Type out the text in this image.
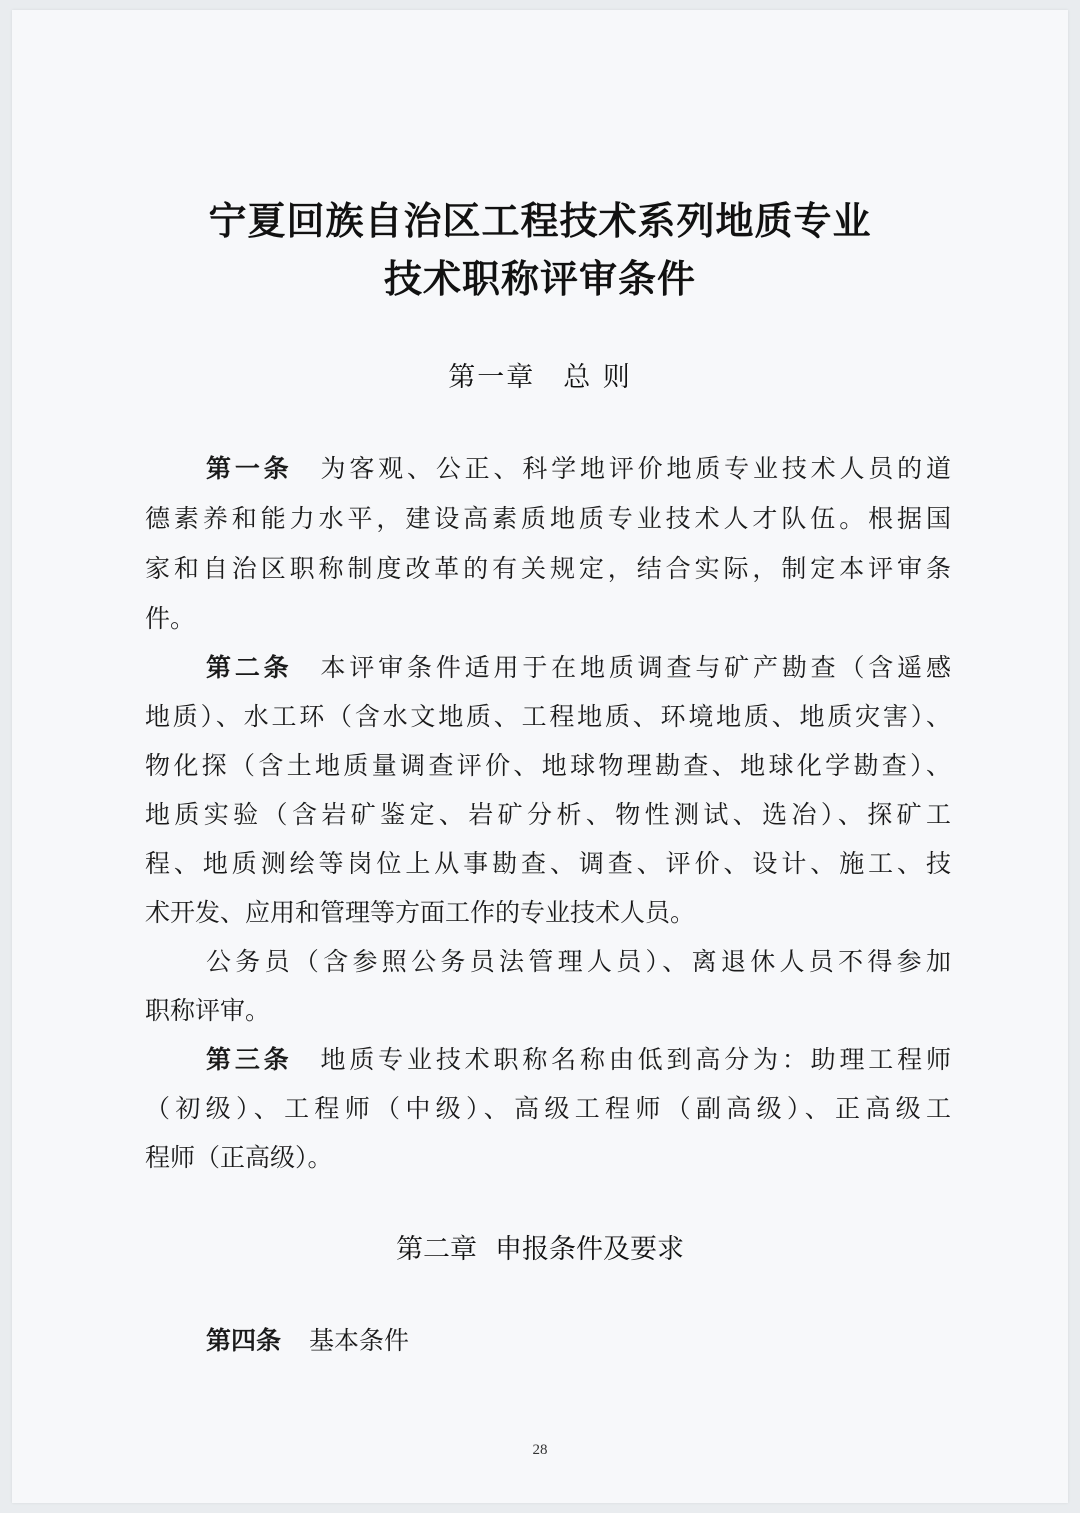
宁夏回族自治区工程技术系列地质专业
技术职称评审条件
第一章 总 则
第一条 为客观、公正、科学地评价地质专业技术人员的道
德素养和能力水平，建设高素质地质专业技术人才队伍。根据国
家和自治区职称制度改革的有关规定，结合实际，制定本评审条
件。
第二条 本评审条件适用于在地质调查与矿产勘查（含遥感
地质）、水工环（含水文地质、工程地质、环境地质、地质灾害）、
物化探（含土地质量调查评价、地球物理勘查、地球化学勘查）、
地质实验（含岩矿鉴定、岩矿分析、物性测试、选冶）、探矿工
程、地质测绘等岗位上从事勘查、调查、评价、设计、施工、技
术开发、应用和管理等方面工作的专业技术人员。
公务员（含参照公务员法管理人员）、离退休人员不得参加
职称评审。
第三条 地质专业技术职称名称由低到高分为：助理工程师
（初级）、工程师（中级）、高级工程师（副高级）、正高级工
程师（正高级）。
第二章 申报条件及要求
第四条 基本条件
28
